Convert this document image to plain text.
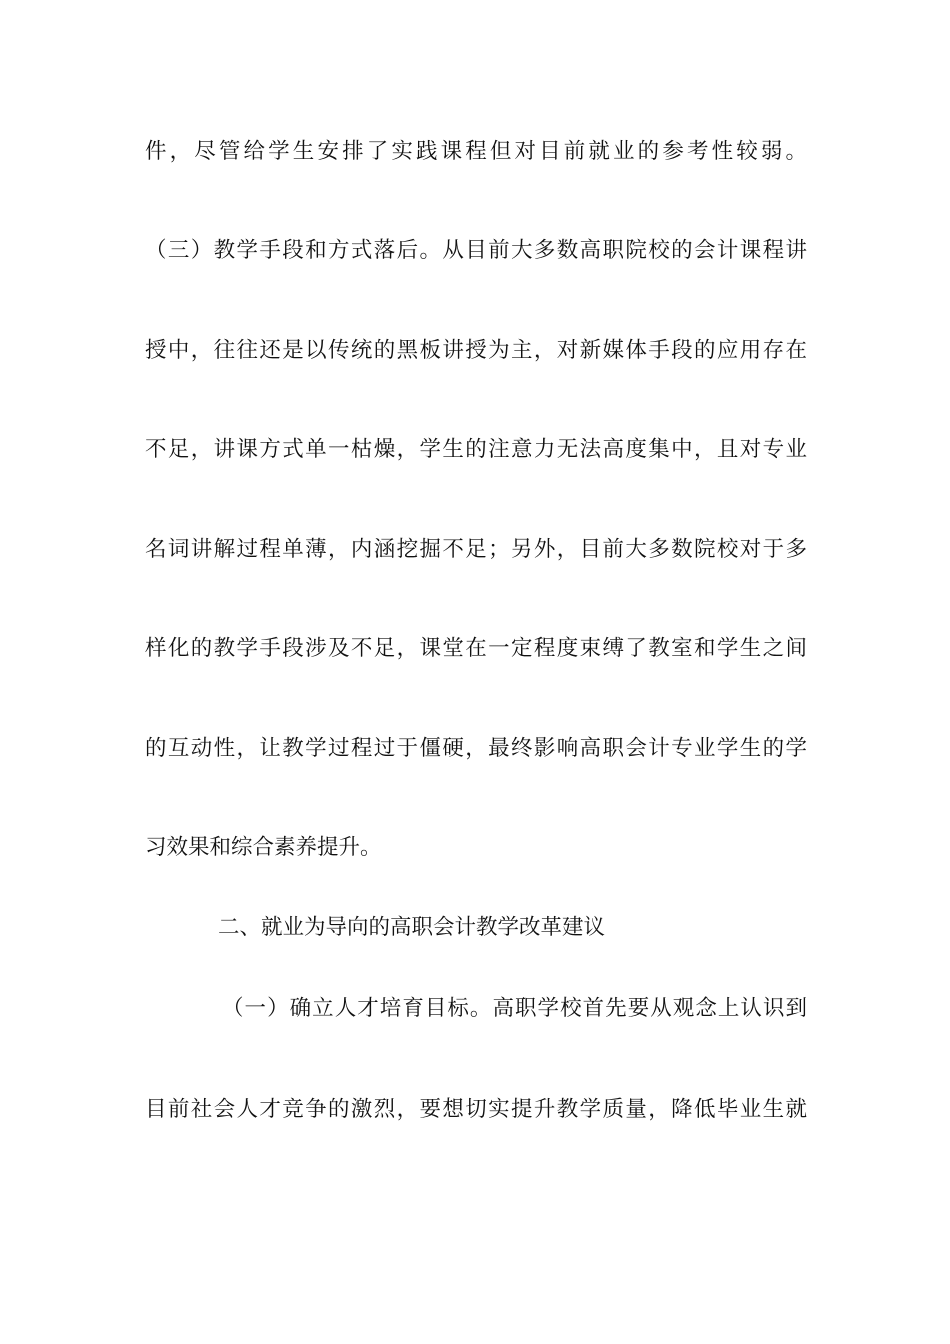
件，尽管给学生安排了实践课程但对目前就业的参考性较弱。
（三）教学手段和方式落后。从目前大多数高职院校的会计课程讲
授中，往往还是以传统的黑板讲授为主，对新媒体手段的应用存在
不足，讲课方式单一枯燥，学生的注意力无法高度集中，且对专业
名词讲解过程单薄，内涵挖掘不足；另外，目前大多数院校对于多
样化的教学手段涉及不足，课堂在一定程度束缚了教室和学生之间
的互动性，让教学过程过于僵硬，最终影响高职会计专业学生的学
习效果和综合素养提升。
二、就业为导向的高职会计教学改革建议
（一）确立人才培育目标。高职学校首先要从观念上认识到
目前社会人才竞争的激烈，要想切实提升教学质量，降低毕业生就
